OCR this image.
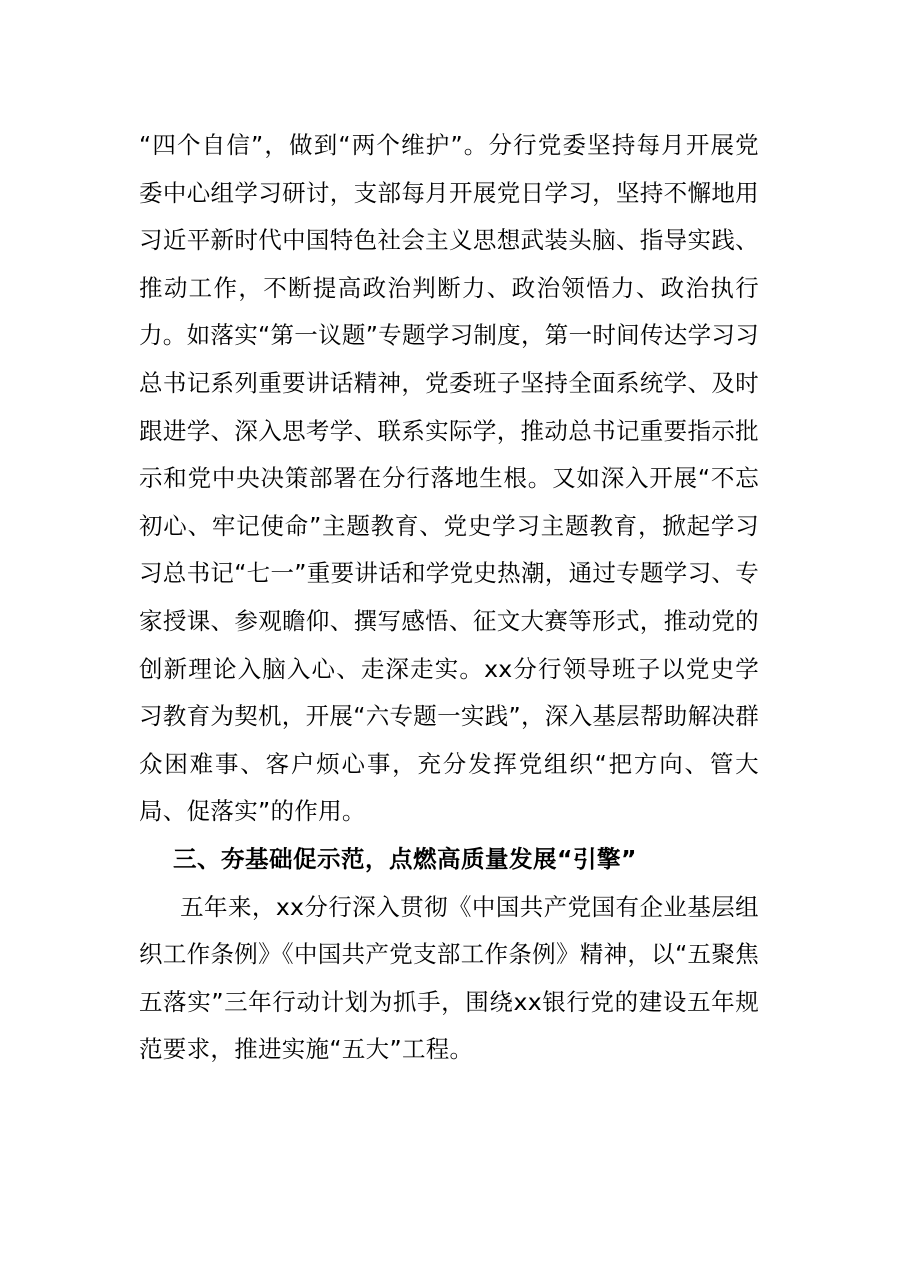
“四个自信”，做到“两个维护”。分行党委坚持每月开展党委中心组学习研讨，支部每月开展党日学习，坚持不懈地用习近平新时代中国特色社会主义思想武装头脑、指导实践、推动工作，不断提高政治判断力、政治领悟力、政治执行力。如落实“第一议题”专题学习制度，第一时间传达学习习总书记系列重要讲话精神，党委班子坚持全面系统学、及时跟进学、深入思考学、联系实际学，推动总书记重要指示批示和党中央决策部署在分行落地生根。又如深入开展“不忘初心、牢记使命”主题教育、党史学习主题教育，掀起学习习总书记“七一”重要讲话和学党史热潮，通过专题学习、专家授课、参观瞻仰、撰写感悟、征文大赛等形式，推动党的创新理论入脑入心、走深走实。xx分行领导班子以党史学习教育为契机，开展“六专题一实践”，深入基层帮助解决群众困难事、客户烦心事，充分发挥党组织“把方向、管大局、促落实”的作用。

三、夯基础促示范，点燃高质量发展“引擎”

五年来，xx分行深入贯彻《中国共产党国有企业基层组织工作条例》《中国共产党支部工作条例》精神，以“五聚焦五落实”三年行动计划为抓手，围绕xx银行党的建设五年规范要求，推进实施“五大”工程。
